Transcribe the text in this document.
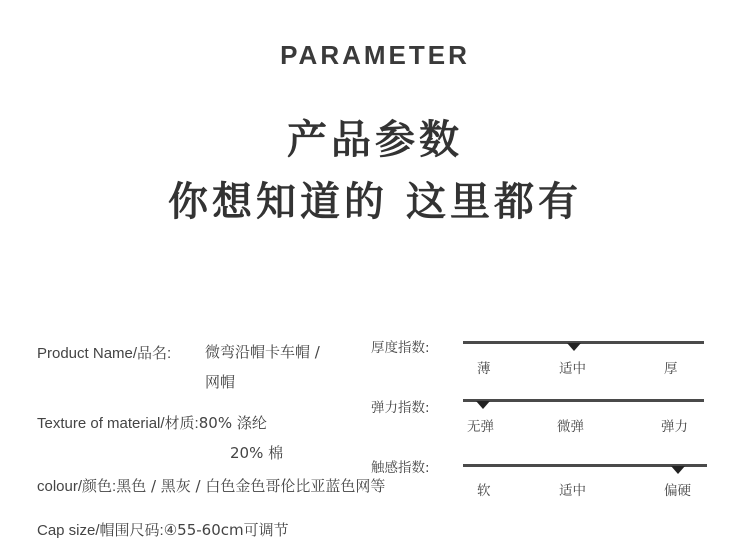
PARAMETER
产品参数
你想知道的 这里都有
Product Name/品名: 微弯沿帽卡车帽 /
网帽
Texture of material/材质:80% 涤纶
20% 棉
colour/颜色:黑色 / 黑灰 / 白色金色哥伦比亚蓝色网等
Cap size/帽围尺码:④55-60cm可调节
厚度指数:
薄	适中	厚
弹力指数:
无弹	微弹	弹力
触感指数:
软	适中	偏硬
